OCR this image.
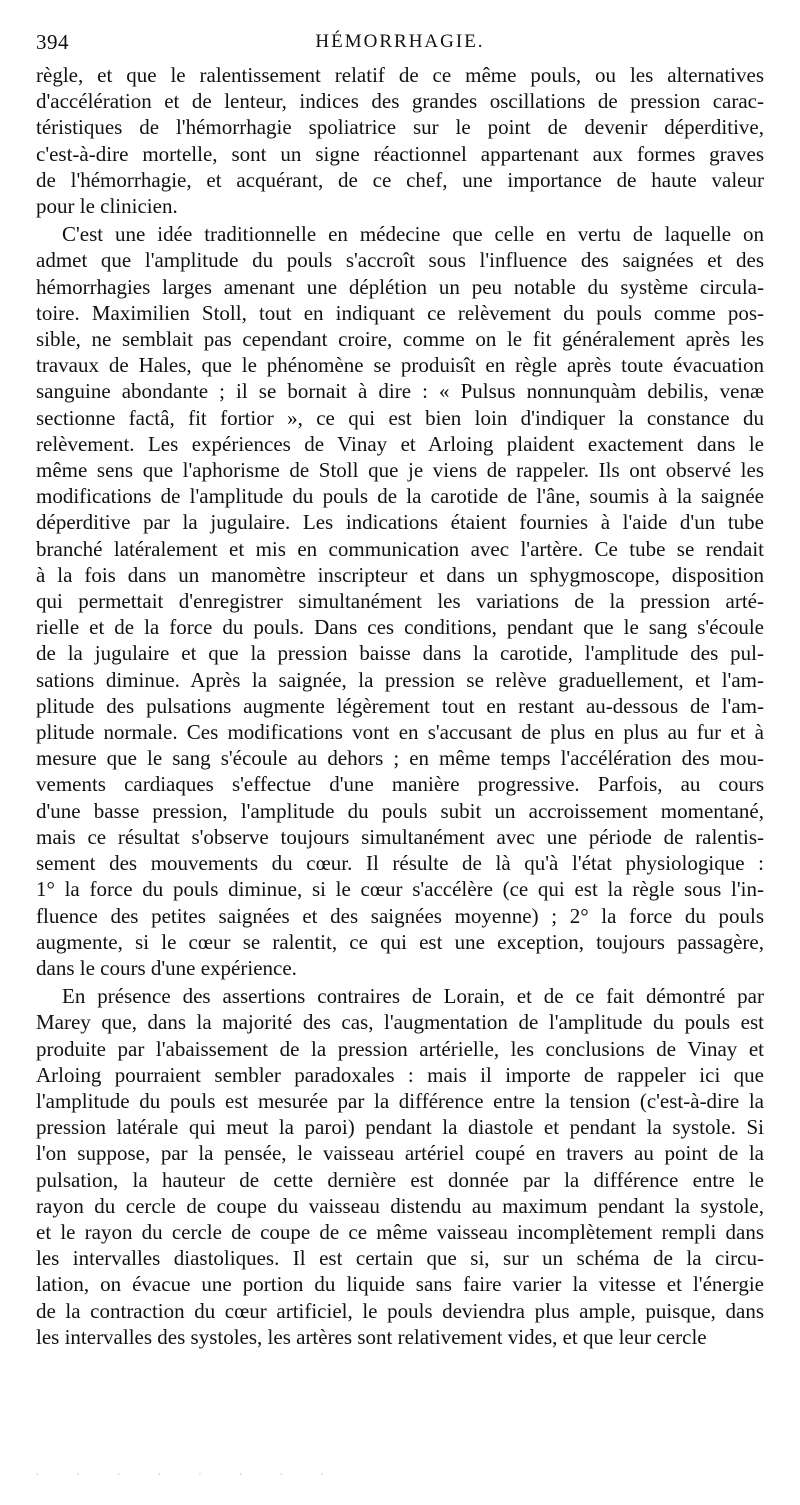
394	HÉMORRHAGIE.
règle, et que le ralentissement relatif de ce même pouls, ou les alternatives
d'accélération et de lenteur, indices des grandes oscillations de pression carac-
téristiques de l'hémorrhagie spoliatrice sur le point de devenir déperditive,
c'est-à-dire mortelle, sont un signe réactionnel appartenant aux formes graves
de l'hémorrhagie, et acquérant, de ce chef, une importance de haute valeur
pour le clinicien.
C'est une idée traditionnelle en médecine que celle en vertu de laquelle on
admet que l'amplitude du pouls s'accroît sous l'influence des saignées et des
hémorrhagies larges amenant une déplétion un peu notable du système circula-
toire. Maximilien Stoll, tout en indiquant ce relèvement du pouls comme pos-
sible, ne semblait pas cependant croire, comme on le fit généralement après les
travaux de Hales, que le phénomène se produisît en règle après toute évacuation
sanguine abondante ; il se bornait à dire : « Pulsus nonnunquàm debilis, venæ
sectionne factâ, fit fortior », ce qui est bien loin d'indiquer la constance du
relèvement. Les expériences de Vinay et Arloing plaident exactement dans le
même sens que l'aphorisme de Stoll que je viens de rappeler. Ils ont observé les
modifications de l'amplitude du pouls de la carotide de l'âne, soumis à la saignée
déperditive par la jugulaire. Les indications étaient fournies à l'aide d'un tube
branché latéralement et mis en communication avec l'artère. Ce tube se rendait
à la fois dans un manomètre inscripteur et dans un sphygmoscope, disposition
qui permettait d'enregistrer simultanément les variations de la pression arté-
rielle et de la force du pouls. Dans ces conditions, pendant que le sang s'écoule
de la jugulaire et que la pression baisse dans la carotide, l'amplitude des pul-
sations diminue. Après la saignée, la pression se relève graduellement, et l'am-
plitude des pulsations augmente légèrement tout en restant au-dessous de l'am-
plitude normale. Ces modifications vont en s'accusant de plus en plus au fur et à
mesure que le sang s'écoule au dehors ; en même temps l'accélération des mou-
vements cardiaques s'effectue d'une manière progressive. Parfois, au cours
d'une basse pression, l'amplitude du pouls subit un accroissement momentané,
mais ce résultat s'observe toujours simultanément avec une période de ralentis-
sement des mouvements du cœur. Il résulte de là qu'à l'état physiologique :
1° la force du pouls diminue, si le cœur s'accélère (ce qui est la règle sous l'in-
fluence des petites saignées et des saignées moyenne) ; 2° la force du pouls
augmente, si le cœur se ralentit, ce qui est une exception, toujours passagère,
dans le cours d'une expérience.
En présence des assertions contraires de Lorain, et de ce fait démontré par
Marey que, dans la majorité des cas, l'augmentation de l'amplitude du pouls est
produite par l'abaissement de la pression artérielle, les conclusions de Vinay et
Arloing pourraient sembler paradoxales : mais il importe de rappeler ici que
l'amplitude du pouls est mesurée par la différence entre la tension (c'est-à-dire la
pression latérale qui meut la paroi) pendant la diastole et pendant la systole. Si
l'on suppose, par la pensée, le vaisseau artériel coupé en travers au point de la
pulsation, la hauteur de cette dernière est donnée par la différence entre le
rayon du cercle de coupe du vaisseau distendu au maximum pendant la systole,
et le rayon du cercle de coupe de ce même vaisseau incomplètement rempli dans
les intervalles diastoliques. Il est certain que si, sur un schéma de la circu-
lation, on évacue une portion du liquide sans faire varier la vitesse et l'énergie
de la contraction du cœur artificiel, le pouls deviendra plus ample, puisque, dans
les intervalles des systoles, les artères sont relativement vides, et que leur cercle
· · · · · · · ·
